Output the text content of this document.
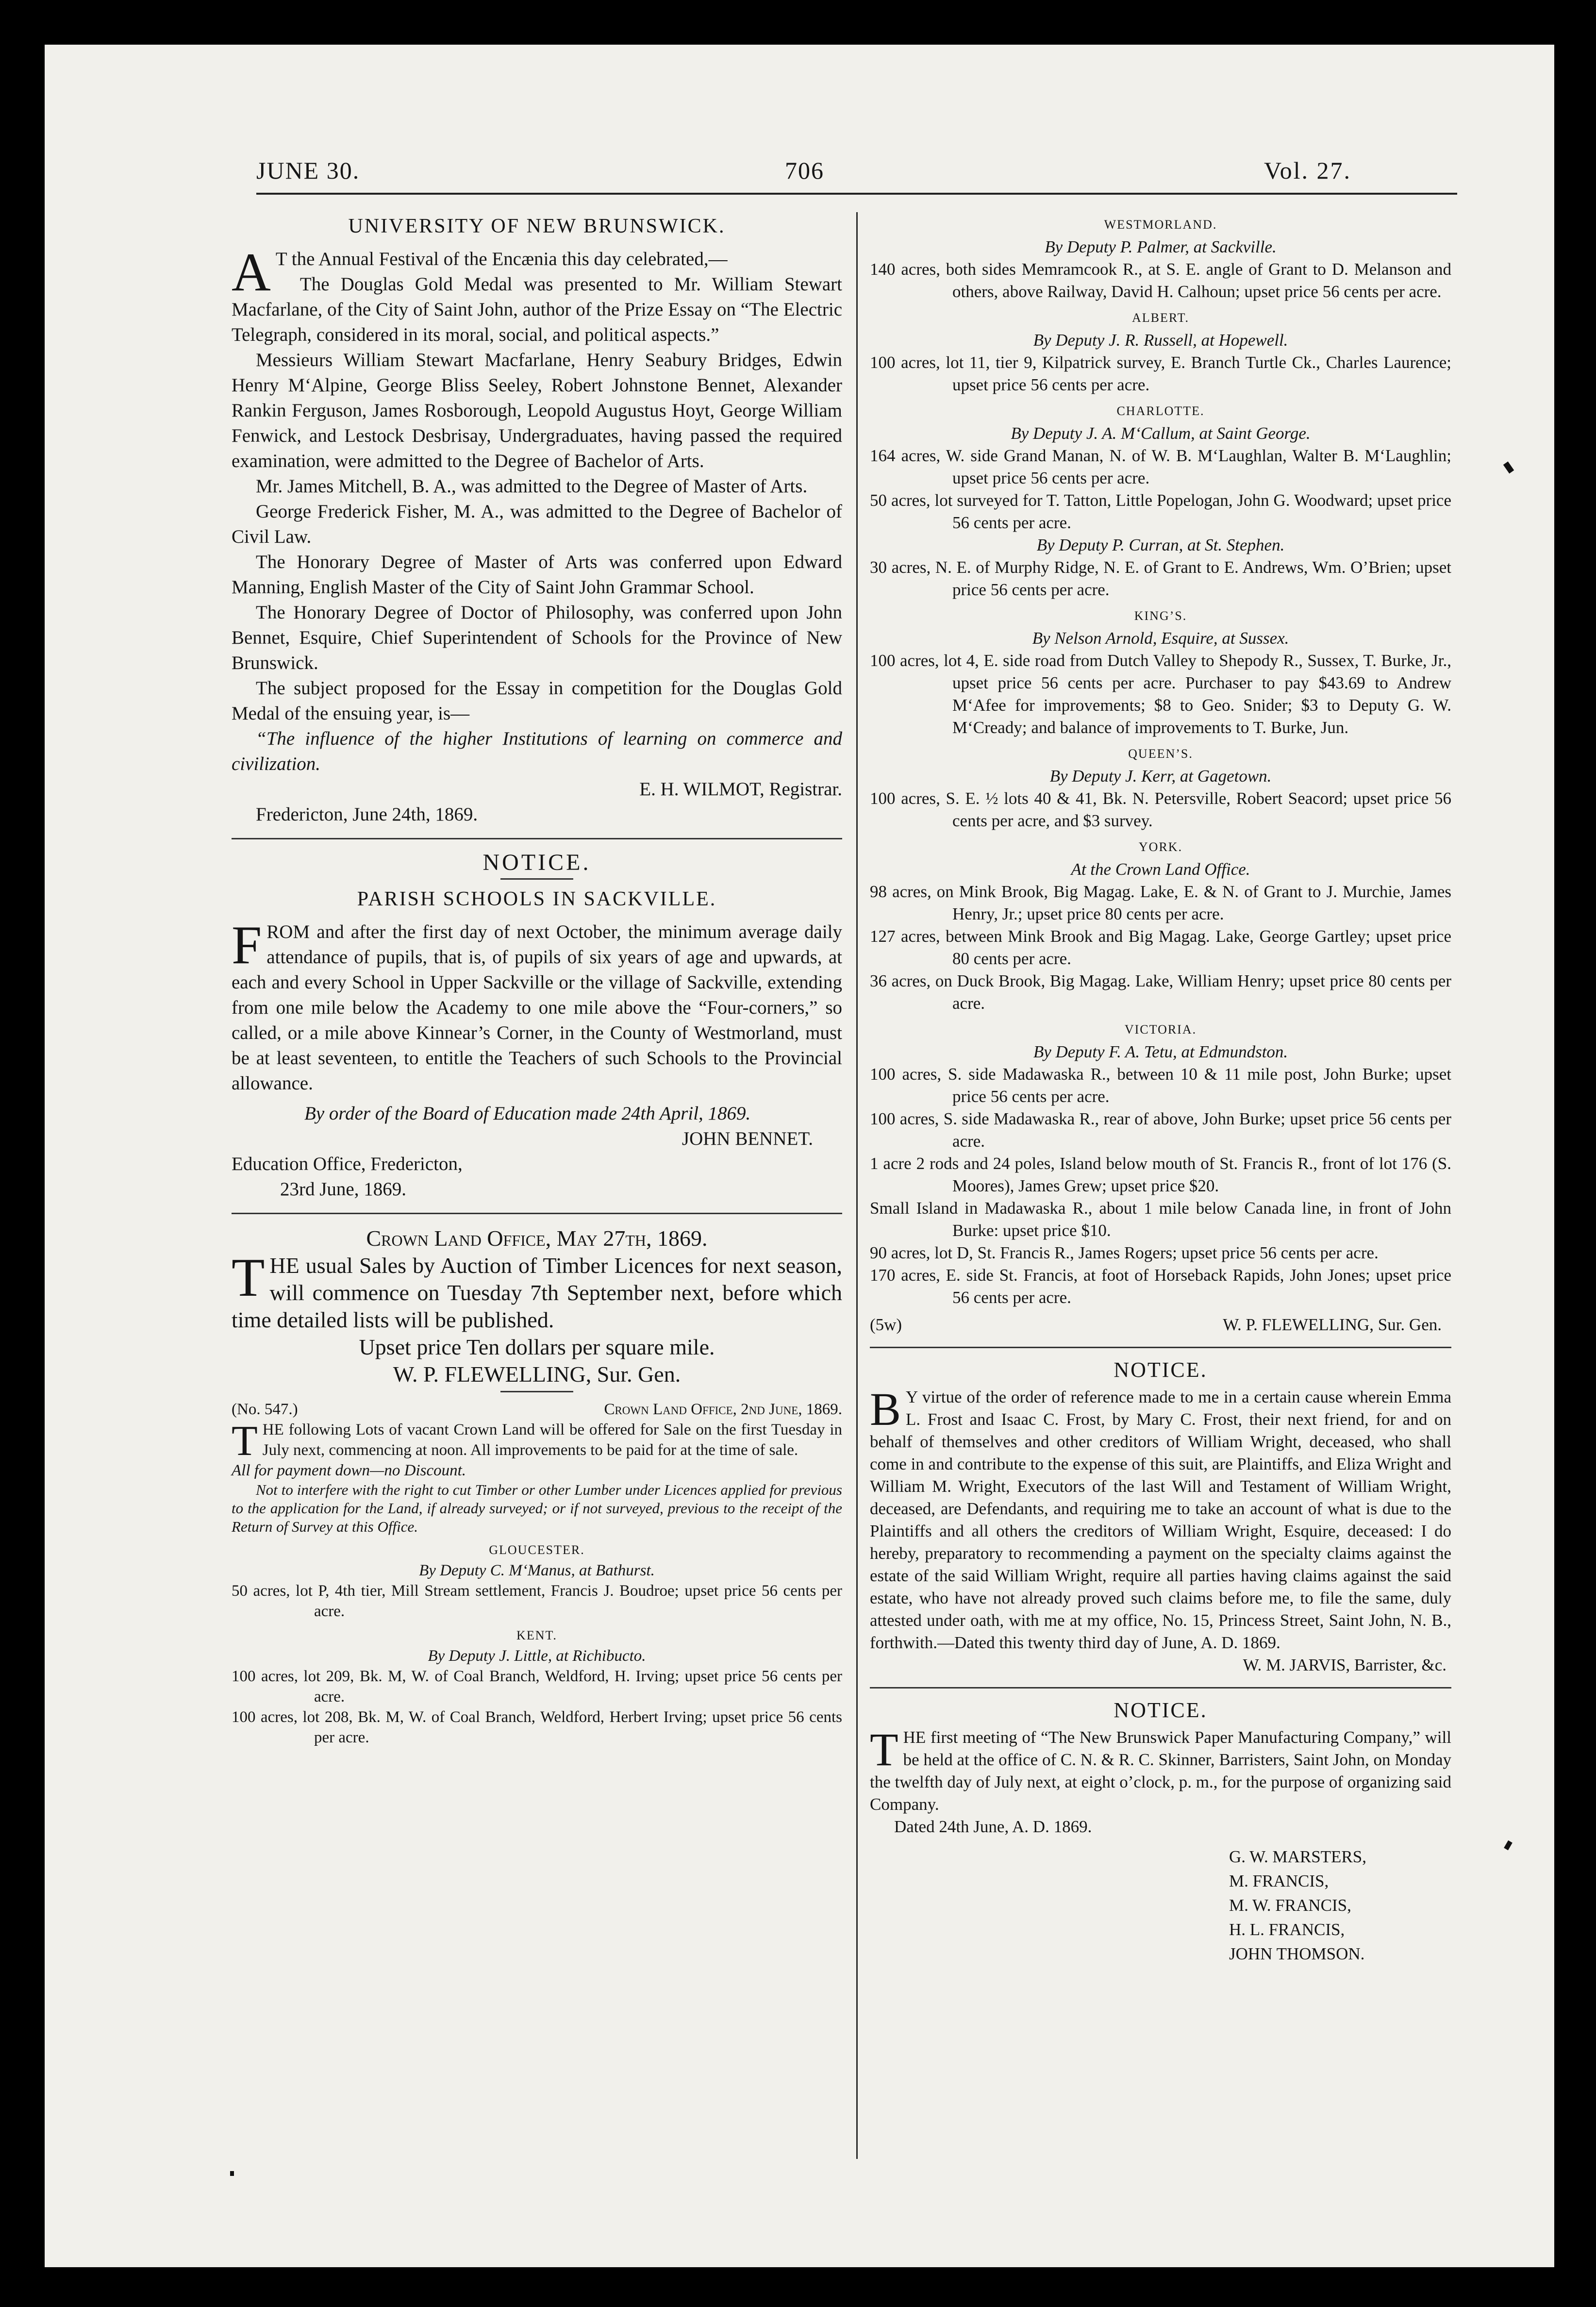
JUNE 30.	706	Vol. 27.
UNIVERSITY OF NEW BRUNSWICK.

A T the Annual Festival of the Encænia this day celebrated,—

The Douglas Gold Medal was presented to Mr. William Stewart Macfarlane, of the City of Saint John, author of the Prize Essay on “The Electric Telegraph, considered in its moral, social, and political aspects.”

Messieurs William Stewart Macfarlane, Henry Seabury Bridges, Edwin Henry M‘Alpine, George Bliss Seeley, Robert Johnstone Bennet, Alexander Rankin Ferguson, James Rosborough, Leopold Augustus Hoyt, George William Fenwick, and Lestock Desbrisay, Undergraduates, having passed the required examination, were admitted to the Degree of Bachelor of Arts.

Mr. James Mitchell, B. A., was admitted to the Degree of Master of Arts.

George Frederick Fisher, M. A., was admitted to the Degree of Bachelor of Civil Law.

The Honorary Degree of Master of Arts was conferred upon Edward Manning, English Master of the City of Saint John Grammar School.

The Honorary Degree of Doctor of Philosophy, was conferred upon John Bennet, Esquire, Chief Superintendent of Schools for the Province of New Brunswick.

The subject proposed for the Essay in competition for the Douglas Gold Medal of the ensuing year, is—

“The influence of the higher Institutions of learning on commerce and civilization.

E. H. WILMOT, Registrar.

Fredericton, June 24th, 1869.

NOTICE.
PARISH SCHOOLS IN SACKVILLE.

FROM and after the first day of next October, the minimum average daily attendance of pupils, that is, of pupils of six years of age and upwards, at each and every School in Upper Sackville or the village of Sackville, extending from one mile below the Academy to one mile above the “Four-corners,” so called, or a mile above Kinnear’s Corner, in the County of Westmorland, must be at least seventeen, to entitle the Teachers of such Schools to the Provincial allowance.

By order of the Board of Education made 24th April, 1869.

JOHN BENNET.

Education Office, Fredericton,

23rd June, 1869.

Crown Land Office, May 27th, 1869.

THE usual Sales by Auction of Timber Licences for next season, will commence on Tuesday 7th September next, before which time detailed lists will be published.

Upset price Ten dollars per square mile.

W. P. FLEWELLING, Sur. Gen.

(No. 547.)	Crown Land Office, 2nd June, 1869.

THE following Lots of vacant Crown Land will be offered for Sale on the first Tuesday in July next, commencing at noon. All improvements to be paid for at the time of sale.

All for payment down—no Discount.

Not to interfere with the right to cut Timber or other Lumber under Licences applied for previous to the application for the Land, if already surveyed; or if not surveyed, previous to the receipt of the Return of Survey at this Office.

GLOUCESTER.
By Deputy C. M‘Manus, at Bathurst.
50 acres, lot P, 4th tier, Mill Stream settlement, Francis J. Boudroe; upset price 56 cents per acre.
KENT.
By Deputy J. Little, at Richibucto.
100 acres, lot 209, Bk. M, W. of Coal Branch, Weldford, H. Irving; upset price 56 cents per acre.
100 acres, lot 208, Bk. M, W. of Coal Branch, Weldford, Herbert Irving; upset price 56 cents per acre.
WESTMORLAND.
By Deputy P. Palmer, at Sackville.
140 acres, both sides Memramcook R., at S. E. angle of Grant to D. Melanson and others, above Railway, David H. Calhoun; upset price 56 cents per acre.
ALBERT.
By Deputy J. R. Russell, at Hopewell.
100 acres, lot 11, tier 9, Kilpatrick survey, E. Branch Turtle Ck., Charles Laurence; upset price 56 cents per acre.
CHARLOTTE.
By Deputy J. A. M‘Callum, at Saint George.
164 acres, W. side Grand Manan, N. of W. B. M‘Laughlan, Walter B. M‘Laughlin; upset price 56 cents per acre.
50 acres, lot surveyed for T. Tatton, Little Popelogan, John G. Woodward; upset price 56 cents per acre.
By Deputy P. Curran, at St. Stephen.
30 acres, N. E. of Murphy Ridge, N. E. of Grant to E. Andrews, Wm. O’Brien; upset price 56 cents per acre.
KING’S.
By Nelson Arnold, Esquire, at Sussex.
100 acres, lot 4, E. side road from Dutch Valley to Shepody R., Sussex, T. Burke, Jr., upset price 56 cents per acre. Purchaser to pay $43.69 to Andrew M‘Afee for improvements; $8 to Geo. Snider; $3 to Deputy G. W. M‘Cready; and balance of improvements to T. Burke, Jun.
QUEEN’S.
By Deputy J. Kerr, at Gagetown.
100 acres, S. E. ½ lots 40 & 41, Bk. N. Petersville, Robert Seacord; upset price 56 cents per acre, and $3 survey.
YORK.
At the Crown Land Office.
98 acres, on Mink Brook, Big Magag. Lake, E. & N. of Grant to J. Murchie, James Henry, Jr.; upset price 80 cents per acre.
127 acres, between Mink Brook and Big Magag. Lake, George Gartley; upset price 80 cents per acre.
36 acres, on Duck Brook, Big Magag. Lake, William Henry; upset price 80 cents per acre.
VICTORIA.
By Deputy F. A. Tetu, at Edmundston.
100 acres, S. side Madawaska R., between 10 & 11 mile post, John Burke; upset price 56 cents per acre.
100 acres, S. side Madawaska R., rear of above, John Burke; upset price 56 cents per acre.
1 acre 2 rods and 24 poles, Island below mouth of St. Francis R., front of lot 176 (S. Moores), James Grew; upset price $20.
Small Island in Madawaska R., about 1 mile below Canada line, in front of John Burke: upset price $10.
90 acres, lot D, St. Francis R., James Rogers; upset price 56 cents per acre.
170 acres, E. side St. Francis, at foot of Horseback Rapids, John Jones; upset price 56 cents per acre.
(5w)	W. P. FLEWELLING, Sur. Gen.
NOTICE.

B Y virtue of the order of reference made to me in a certain cause wherein Emma L. Frost and Isaac C. Frost, by Mary C. Frost, their next friend, for and on behalf of themselves and other creditors of William Wright, deceased, who shall come in and contribute to the expense of this suit, are Plaintiffs, and Eliza Wright and William M. Wright, Executors of the last Will and Testament of William Wright, deceased, are Defendants, and requiring me to take an account of what is due to the Plaintiffs and all others the creditors of William Wright, Esquire, deceased: I do hereby, preparatory to recommending a payment on the specialty claims against the estate of the said William Wright, require all parties having claims against the said estate, who have not already proved such claims before me, to file the same, duly attested under oath, with me at my office, No. 15, Princess Street, Saint John, N. B., forthwith.—Dated this twenty third day of June, A. D. 1869.

W. M. JARVIS, Barrister, &c.

NOTICE.

THE first meeting of “The New Brunswick Paper Manufacturing Company,” will be held at the office of C. N. & R. C. Skinner, Barristers, Saint John, on Monday the twelfth day of July next, at eight o’clock, p. m., for the purpose of organizing said Company.

Dated 24th June, A. D. 1869.

G. W. MARSTERS,
M. FRANCIS,
M. W. FRANCIS,
H. L. FRANCIS,
JOHN THOMSON.
